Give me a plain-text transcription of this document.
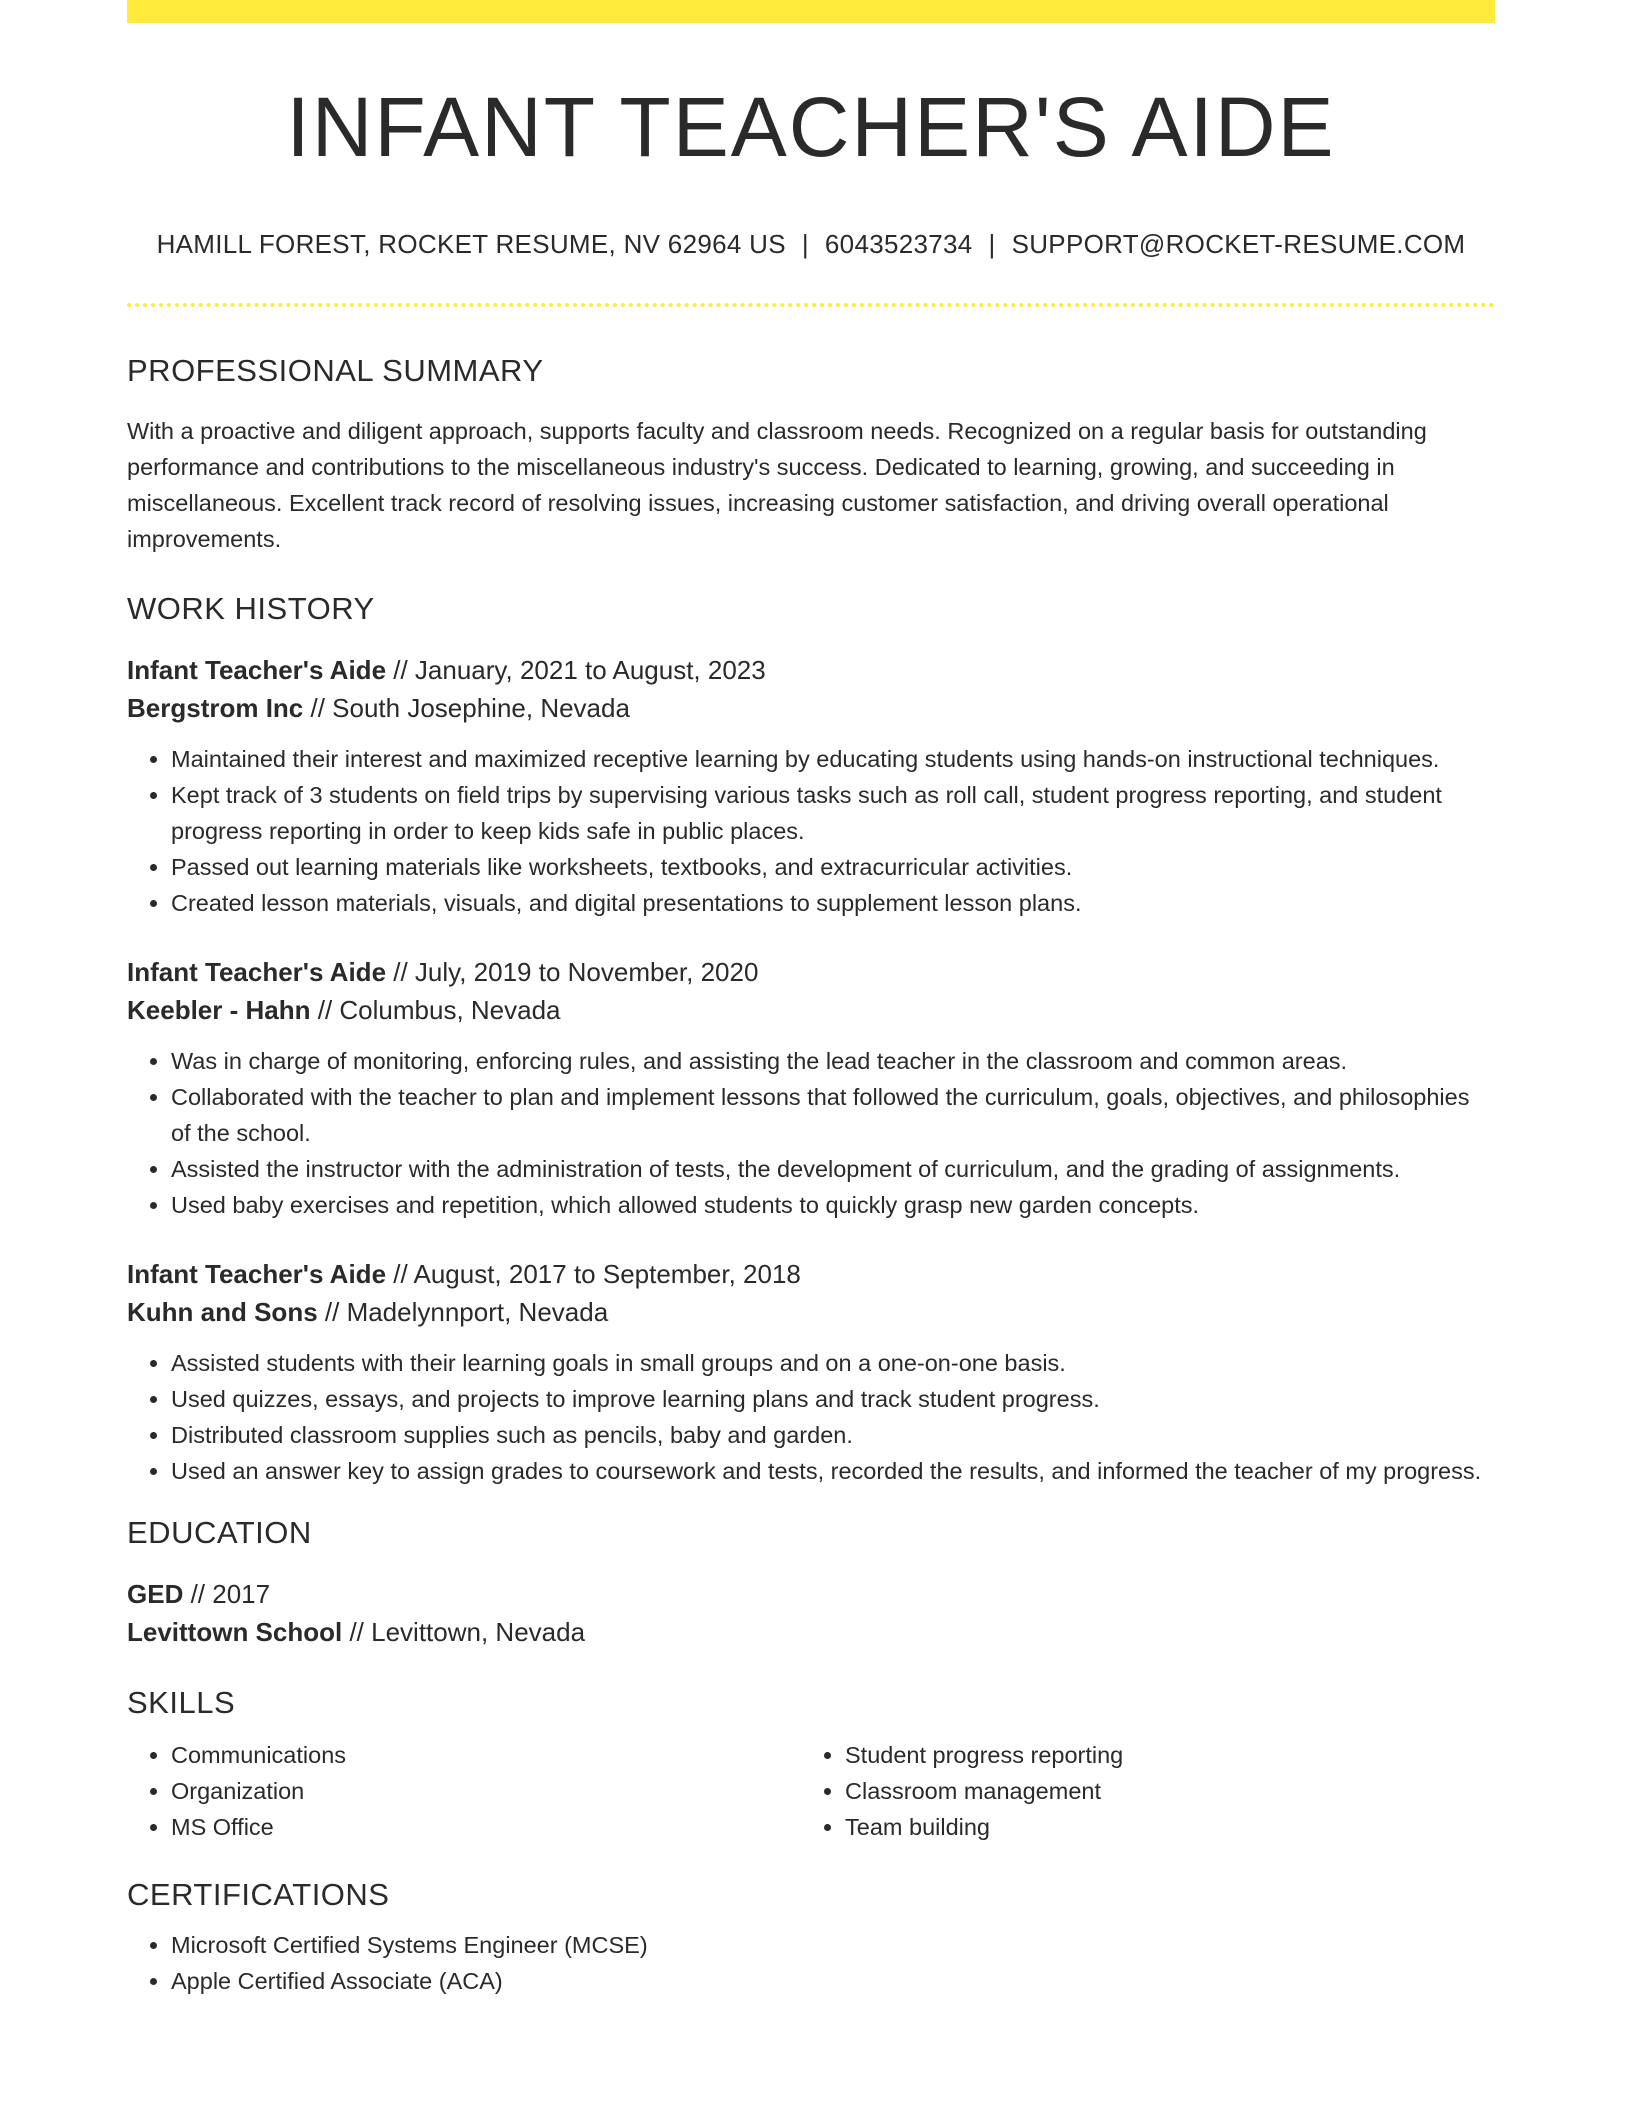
INFANT TEACHER'S AIDE
HAMILL FOREST, ROCKET RESUME, NV 62964 US | 6043523734 | SUPPORT@ROCKET-RESUME.COM
PROFESSIONAL SUMMARY

With a proactive and diligent approach, supports faculty and classroom needs. Recognized on a regular basis for outstanding performance and contributions to the miscellaneous industry's success. Dedicated to learning, growing, and succeeding in miscellaneous. Excellent track record of resolving issues, increasing customer satisfaction, and driving overall operational improvements.

WORK HISTORY
Infant Teacher's Aide // January, 2021 to August, 2023
Bergstrom Inc // South Josephine, Nevada
• Maintained their interest and maximized receptive learning by educating students using hands-on instructional techniques.
• Kept track of 3 students on field trips by supervising various tasks such as roll call, student progress reporting, and student progress reporting in order to keep kids safe in public places.
• Passed out learning materials like worksheets, textbooks, and extracurricular activities.
• Created lesson materials, visuals, and digital presentations to supplement lesson plans.
Infant Teacher's Aide // July, 2019 to November, 2020
Keebler - Hahn // Columbus, Nevada
• Was in charge of monitoring, enforcing rules, and assisting the lead teacher in the classroom and common areas.
• Collaborated with the teacher to plan and implement lessons that followed the curriculum, goals, objectives, and philosophies of the school.
• Assisted the instructor with the administration of tests, the development of curriculum, and the grading of assignments.
• Used baby exercises and repetition, which allowed students to quickly grasp new garden concepts.
Infant Teacher's Aide // August, 2017 to September, 2018
Kuhn and Sons // Madelynnport, Nevada
• Assisted students with their learning goals in small groups and on a one-on-one basis.
• Used quizzes, essays, and projects to improve learning plans and track student progress.
• Distributed classroom supplies such as pencils, baby and garden.
• Used an answer key to assign grades to coursework and tests, recorded the results, and informed the teacher of my progress.
EDUCATION
GED // 2017
Levittown School // Levittown, Nevada
SKILLS
• Communications
• Organization
• MS Office
• Student progress reporting
• Classroom management
• Team building
CERTIFICATIONS
• Microsoft Certified Systems Engineer (MCSE)
• Apple Certified Associate (ACA)
